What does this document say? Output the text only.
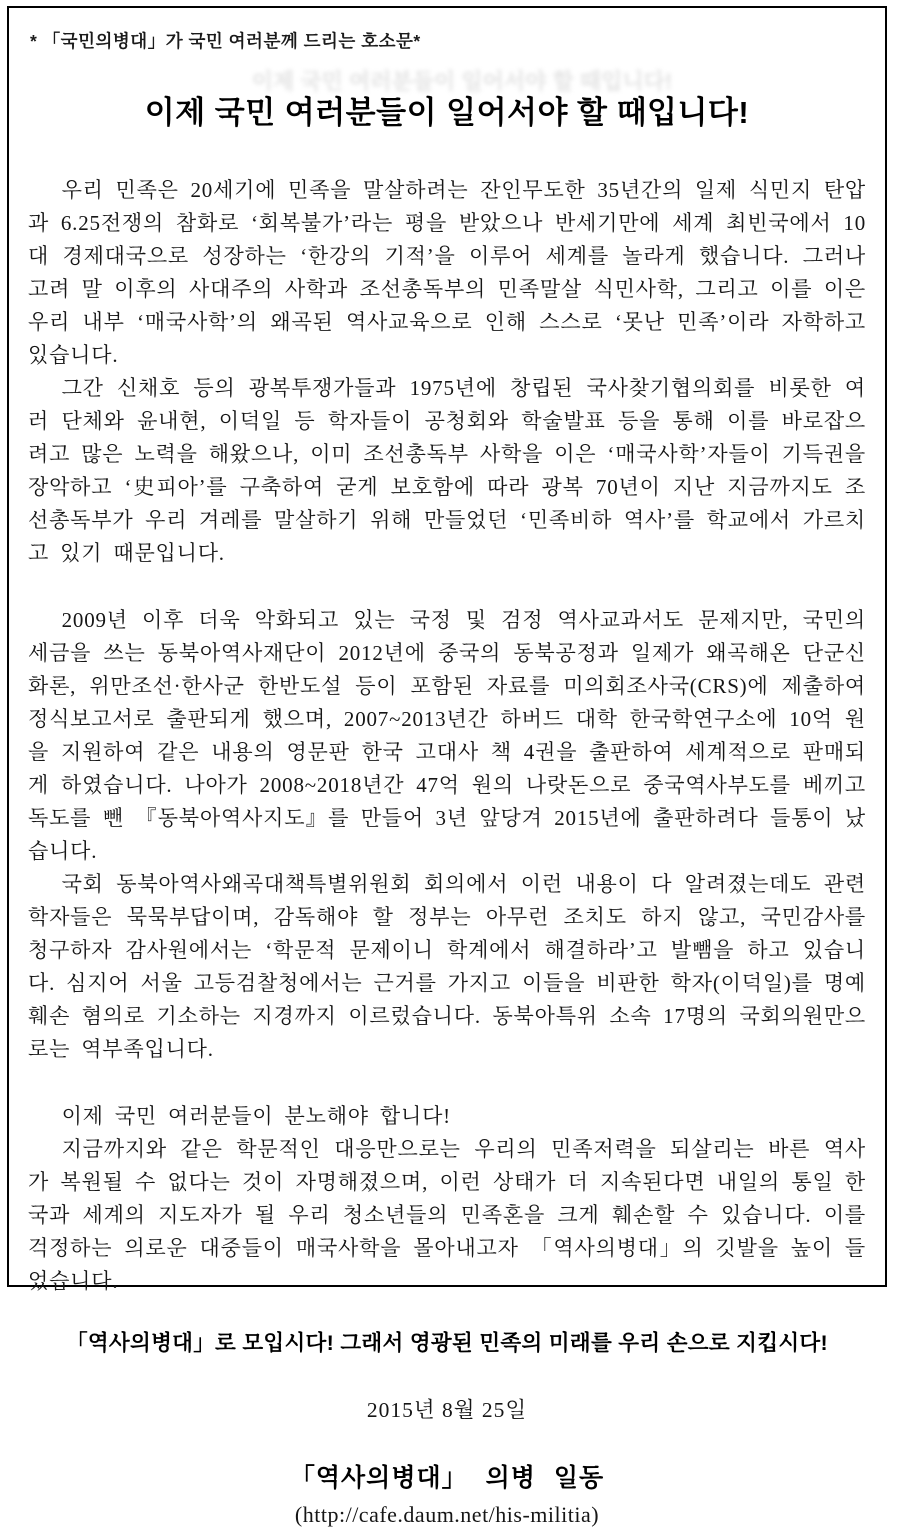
* 「국민의병대」가 국민 여러분께 드리는 호소문*
이제 국민 여러분들이 일어서야 할 때입니다!
이제 국민 여러분들이 일어서야 할 때입니다!

우리 민족은 20세기에 민족을 말살하려는 잔인무도한 35년간의 일제 식민지 탄압과 6.25전쟁의 참화로 ‘회복불가’라는 평을 받았으나 반세기만에 세계 최빈국에서 10대 경제대국으로 성장하는 ‘한강의 기적’을 이루어 세계를 놀라게 했습니다. 그러나 고려 말 이후의 사대주의 사학과 조선총독부의 민족말살 식민사학, 그리고 이를 이은 우리 내부 ‘매국사학’의 왜곡된 역사교육으로 인해 스스로 ‘못난 민족’이라 자학하고 있습니다.

그간 신채호 등의 광복투쟁가들과 1975년에 창립된 국사찾기협의회를 비롯한 여러 단체와 윤내현, 이덕일 등 학자들이 공청회와 학술발표 등을 통해 이를 바로잡으려고 많은 노력을 해왔으나, 이미 조선총독부 사학을 이은 ‘매국사학’자들이 기득권을 장악하고 ‘史피아’를 구축하여 굳게 보호함에 따라 광복 70년이 지난 지금까지도 조선총독부가 우리 겨레를 말살하기 위해 만들었던 ‘민족비하 역사’를 학교에서 가르치고 있기 때문입니다.

2009년 이후 더욱 악화되고 있는 국정 및 검정 역사교과서도 문제지만, 국민의 세금을 쓰는 동북아역사재단이 2012년에 중국의 동북공정과 일제가 왜곡해온 단군신화론, 위만조선·한사군 한반도설 등이 포함된 자료를 미의회조사국(CRS)에 제출하여 정식보고서로 출판되게 했으며, 2007~2013년간 하버드 대학 한국학연구소에 10억 원을 지원하여 같은 내용의 영문판 한국 고대사 책 4권을 출판하여 세계적으로 판매되게 하였습니다. 나아가 2008~2018년간 47억 원의 나랏돈으로 중국역사부도를 베끼고 독도를 뺀 『동북아역사지도』를 만들어 3년 앞당겨 2015년에 출판하려다 들통이 났습니다.

국회 동북아역사왜곡대책특별위원회 회의에서 이런 내용이 다 알려졌는데도 관련 학자들은 묵묵부답이며, 감독해야 할 정부는 아무런 조치도 하지 않고, 국민감사를 청구하자 감사원에서는 ‘학문적 문제이니 학계에서 해결하라’고 발뺌을 하고 있습니다. 심지어 서울 고등검찰청에서는 근거를 가지고 이들을 비판한 학자(이덕일)를 명예훼손 혐의로 기소하는 지경까지 이르렀습니다. 동북아특위 소속 17명의 국회의원만으로는 역부족입니다.

이제 국민 여러분들이 분노해야 합니다!

지금까지와 같은 학문적인 대응만으로는 우리의 민족저력을 되살리는 바른 역사가 복원될 수 없다는 것이 자명해졌으며, 이런 상태가 더 지속된다면 내일의 통일 한국과 세계의 지도자가 될 우리 청소년들의 민족혼을 크게 훼손할 수 있습니다. 이를 걱정하는 의로운 대중들이 매국사학을 몰아내고자 「역사의병대」의 깃발을 높이 들었습니다.

「역사의병대」로 모입시다! 그래서 영광된 민족의 미래를 우리 손으로 지킵시다!
2015년 8월 25일
「역사의병대」 의병 일동
(http://cafe.daum.net/his-militia)
